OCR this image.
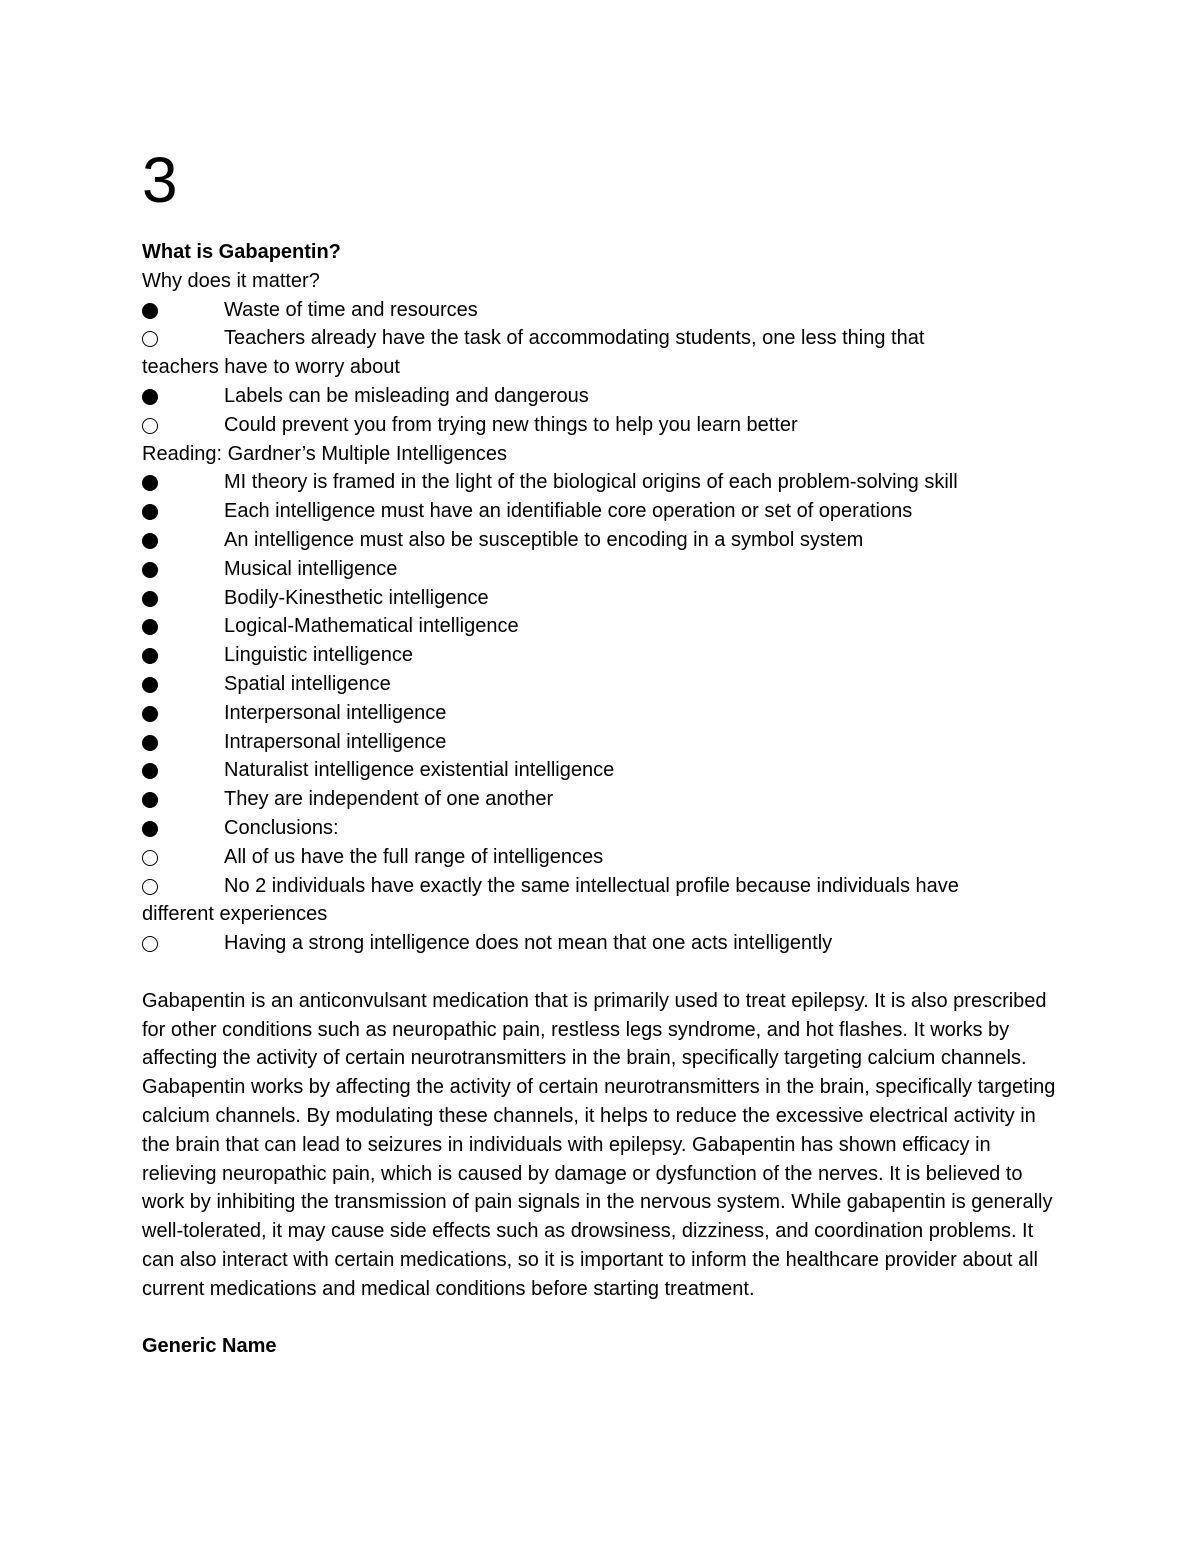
3

What is Gabapentin?

Why does it matter?

Waste of time and resources

Teachers already have the task of accommodating students, one less thing that teachers have to worry about

Labels can be misleading and dangerous

Could prevent you from trying new things to help you learn better

Reading: Gardner’s Multiple Intelligences

MI theory is framed in the light of the biological origins of each problem-solving skill

Each intelligence must have an identifiable core operation or set of operations

An intelligence must also be susceptible to encoding in a symbol system

Musical intelligence

Bodily-Kinesthetic intelligence

Logical-Mathematical intelligence

Linguistic intelligence

Spatial intelligence

Interpersonal intelligence

Intrapersonal intelligence

Naturalist intelligence existential intelligence

They are independent of one another

Conclusions:

All of us have the full range of intelligences

No 2 individuals have exactly the same intellectual profile because individuals have different experiences

Having a strong intelligence does not mean that one acts intelligently

Gabapentin is an anticonvulsant medication that is primarily used to treat epilepsy. It is also prescribed for other conditions such as neuropathic pain, restless legs syndrome, and hot flashes. It works by affecting the activity of certain neurotransmitters in the brain, specifically targeting calcium channels. Gabapentin works by affecting the activity of certain neurotransmitters in the brain, specifically targeting calcium channels. By modulating these channels, it helps to reduce the excessive electrical activity in the brain that can lead to seizures in individuals with epilepsy. Gabapentin has shown efficacy in relieving neuropathic pain, which is caused by damage or dysfunction of the nerves. It is believed to work by inhibiting the transmission of pain signals in the nervous system. While gabapentin is generally well-tolerated, it may cause side effects such as drowsiness, dizziness, and coordination problems. It can also interact with certain medications, so it is important to inform the healthcare provider about all current medications and medical conditions before starting treatment.

Generic Name
